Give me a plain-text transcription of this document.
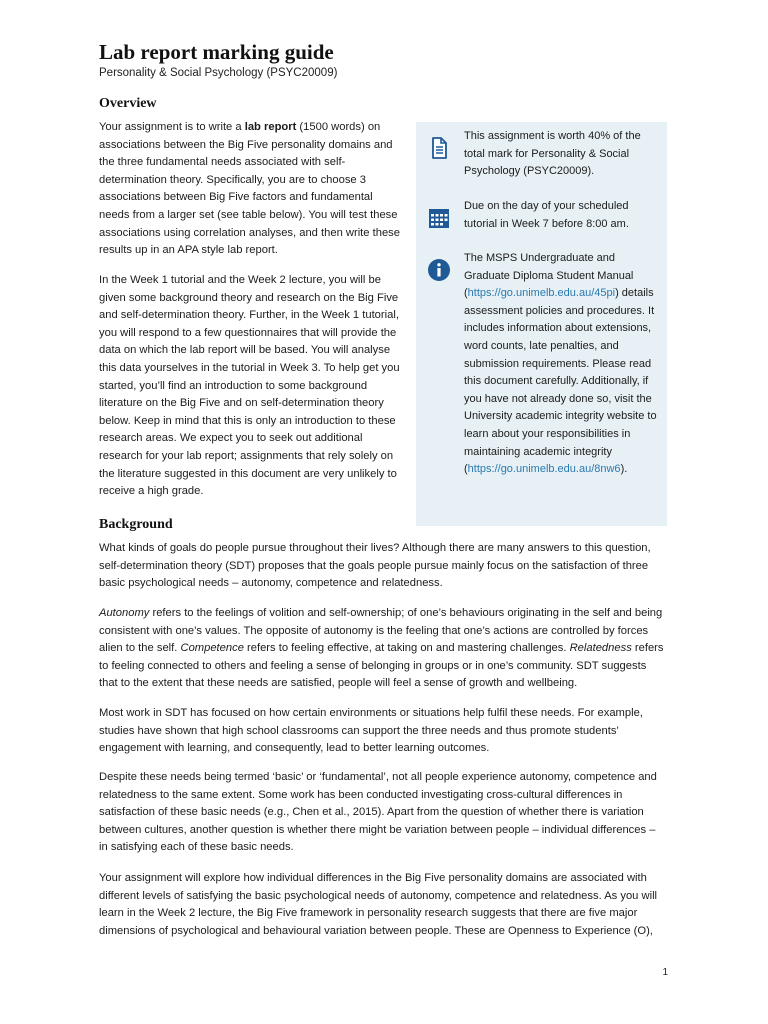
Lab report marking guide

Personality & Social Psychology (PSYC20009)

Overview

Your assignment is to write a lab report (1500 words) on associations between the Big Five personality domains and the three fundamental needs associated with self-determination theory. Specifically, you are to choose 3 associations between Big Five factors and fundamental needs from a larger set (see table below). You will test these associations using correlation analyses, and then write these results up in an APA style lab report.

In the Week 1 tutorial and the Week 2 lecture, you will be given some background theory and research on the Big Five and self-determination theory. Further, in the Week 1 tutorial, you will respond to a few questionnaires that will provide the data on which the lab report will be based. You will analyse this data yourselves in the tutorial in Week 3. To help get you started, you’ll find an introduction to some background literature on the Big Five and on self-determination theory below. Keep in mind that this is only an introduction to these research areas. We expect you to seek out additional research for your lab report; assignments that rely solely on the literature suggested in this document are very unlikely to receive a high grade.

This assignment is worth 40% of the total mark for Personality & Social Psychology (PSYC20009).

Due on the day of your scheduled tutorial in Week 7 before 8:00 am.

The MSPS Undergraduate and Graduate Diploma Student Manual (https://go.unimelb.edu.au/45pi) details assessment policies and procedures. It includes information about extensions, word counts, late penalties, and submission requirements. Please read this document carefully. Additionally, if you have not already done so, visit the University academic integrity website to learn about your responsibilities in maintaining academic integrity (https://go.unimelb.edu.au/8nw6).

Background

What kinds of goals do people pursue throughout their lives? Although there are many answers to this question, self-determination theory (SDT) proposes that the goals people pursue mainly focus on the satisfaction of three basic psychological needs – autonomy, competence and relatedness.

Autonomy refers to the feelings of volition and self-ownership; of one’s behaviours originating in the self and being consistent with one’s values. The opposite of autonomy is the feeling that one’s actions are controlled by forces alien to the self. Competence refers to feeling effective, at taking on and mastering challenges. Relatedness refers to feeling connected to others and feeling a sense of belonging in groups or in one’s community. SDT suggests that to the extent that these needs are satisfied, people will feel a sense of growth and wellbeing.

Most work in SDT has focused on how certain environments or situations help fulfil these needs. For example, studies have shown that high school classrooms can support the three needs and thus promote students’ engagement with learning, and consequently, lead to better learning outcomes.

Despite these needs being termed ‘basic’ or ‘fundamental’, not all people experience autonomy, competence and relatedness to the same extent. Some work has been conducted investigating cross-cultural differences in satisfaction of these basic needs (e.g., Chen et al., 2015). Apart from the question of whether there is variation between cultures, another question is whether there might be variation between people – individual differences – in satisfying each of these basic needs.

Your assignment will explore how individual differences in the Big Five personality domains are associated with different levels of satisfying the basic psychological needs of autonomy, competence and relatedness. As you will learn in the Week 2 lecture, the Big Five framework in personality research suggests that there are five major dimensions of psychological and behavioural variation between people. These are Openness to Experience (O),

1
